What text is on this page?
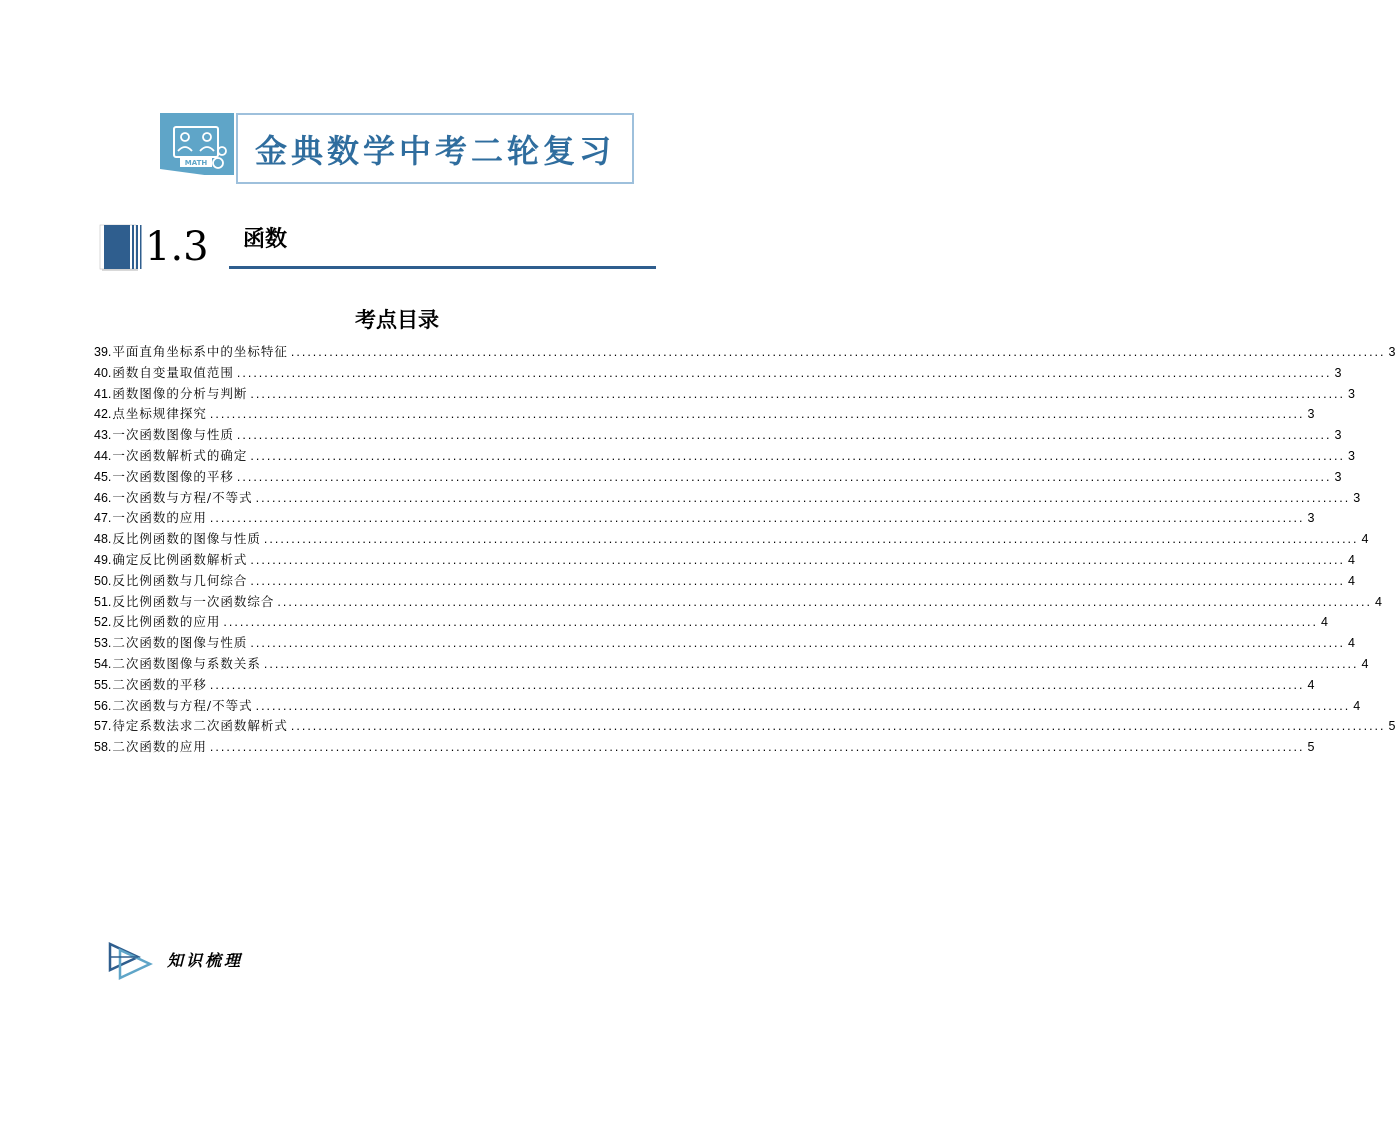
MATH	金典数学中考二轮复习
1.3 函数
考点目录
39. 平面直角坐标系中的坐标特征 ........................................................................................................................................................................................................ 3
40. 函数自变量取值范围 ........................................................................................................................................................................................................ 3
41. 函数图像的分析与判断 ........................................................................................................................................................................................................ 3
42. 点坐标规律探究 ........................................................................................................................................................................................................ 3
43. 一次函数图像与性质 ........................................................................................................................................................................................................ 3
44. 一次函数解析式的确定 ........................................................................................................................................................................................................ 3
45. 一次函数图像的平移 ........................................................................................................................................................................................................ 3
46. 一次函数与方程/不等式 ........................................................................................................................................................................................................ 3
47. 一次函数的应用 ........................................................................................................................................................................................................ 3
48. 反比例函数的图像与性质 ........................................................................................................................................................................................................ 4
49. 确定反比例函数解析式 ........................................................................................................................................................................................................ 4
50. 反比例函数与几何综合 ........................................................................................................................................................................................................ 4
51. 反比例函数与一次函数综合 ........................................................................................................................................................................................................ 4
52. 反比例函数的应用 ........................................................................................................................................................................................................ 4
53. 二次函数的图像与性质 ........................................................................................................................................................................................................ 4
54. 二次函数图像与系数关系 ........................................................................................................................................................................................................ 4
55. 二次函数的平移 ........................................................................................................................................................................................................ 4
56. 二次函数与方程/不等式 ........................................................................................................................................................................................................ 4
57. 待定系数法求二次函数解析式 ........................................................................................................................................................................................................ 5
58. 二次函数的应用 ........................................................................................................................................................................................................ 5
知识梳理
